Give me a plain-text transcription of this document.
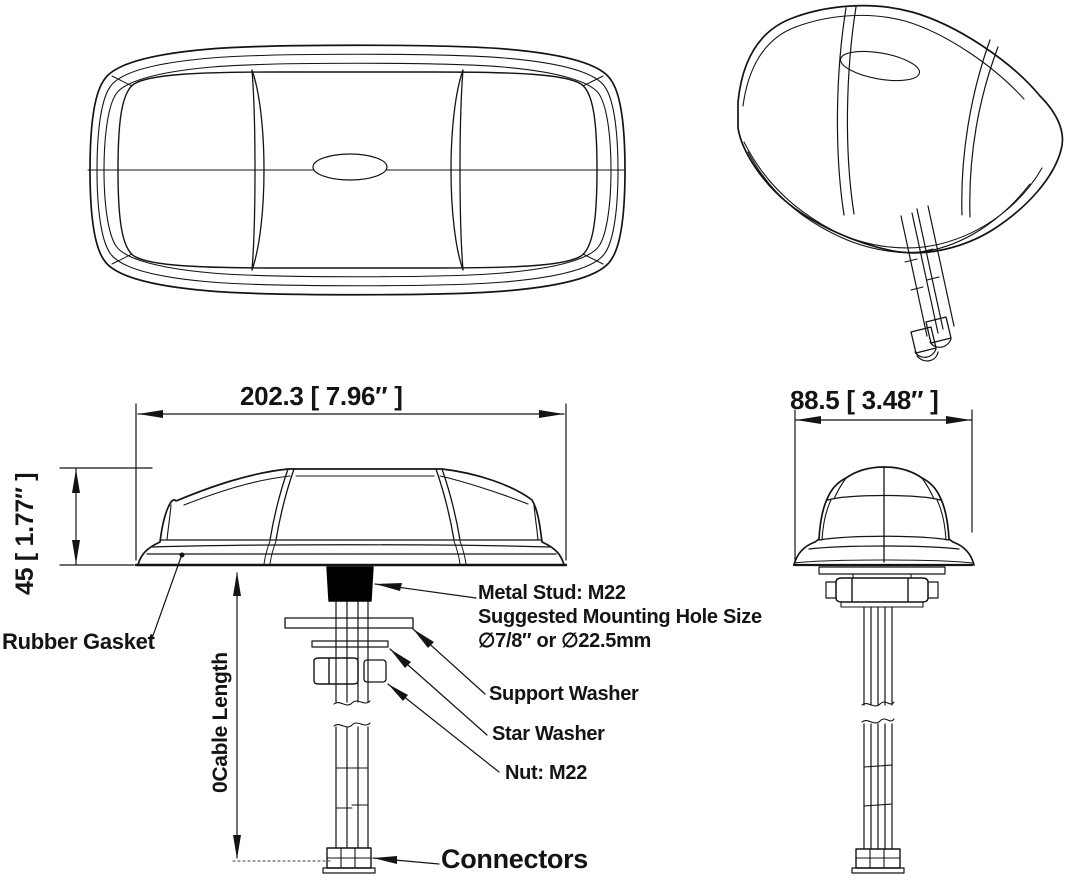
202.3 [ 7.96″ ]	88.5 [ 3.48″ ]
45 [ 1.77″ ]
0Cable Length
Rubber Gasket
Metal Stud: M22
Suggested Mounting Hole Size
∅7/8″ or ∅22.5mm
Support Washer
Star Washer
Nut: M22
Connectors
